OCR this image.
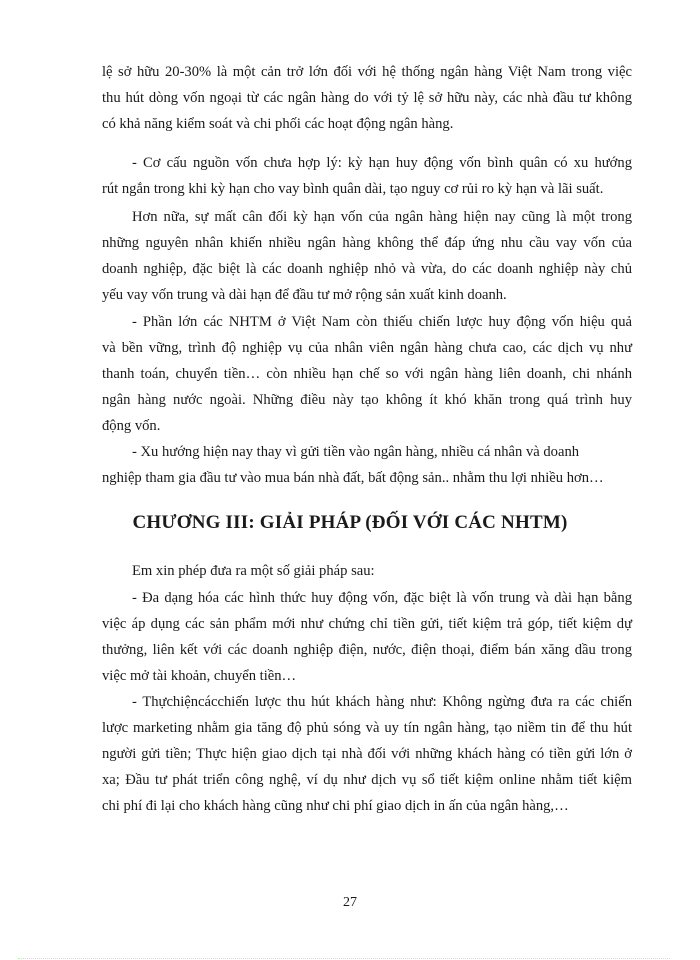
lệ sở hữu 20-30% là một cản trở lớn đối với hệ thống ngân hàng Việt Nam trong việc
thu hút dòng vốn ngoại từ các ngân hàng do với tỷ lệ sở hữu này, các nhà đầu tư không
có khả năng kiểm soát và chi phối các hoạt động ngân hàng.
- Cơ cấu nguồn vốn chưa hợp lý: kỳ hạn huy động vốn bình quân có xu hướng
rút ngắn trong khi kỳ hạn cho vay bình quân dài, tạo nguy cơ rủi ro kỳ hạn và lãi suất.
Hơn nữa, sự mất cân đối kỳ hạn vốn của ngân hàng hiện nay cũng là một trong
những nguyên nhân khiến nhiều ngân hàng không thể đáp ứng nhu cầu vay vốn của
doanh nghiệp, đặc biệt là các doanh nghiệp nhỏ và vừa, do các doanh nghiệp này chủ
yếu vay vốn trung và dài hạn để đầu tư mở rộng sản xuất kinh doanh.
- Phần lớn các NHTM ở Việt Nam còn thiếu chiến lược huy động vốn hiệu quả
và bền vững, trình độ nghiệp vụ của nhân viên ngân hàng chưa cao, các dịch vụ như
thanh toán, chuyển tiền… còn nhiều hạn chế so với ngân hàng liên doanh, chi nhánh
ngân hàng nước ngoài. Những điều này tạo không ít khó khăn trong quá trình huy
động vốn.
- Xu hướng hiện nay thay vì gửi tiền vào ngân hàng, nhiều cá nhân và doanh
nghiệp tham gia đầu tư vào mua bán nhà đất, bất động sản.. nhằm thu lợi nhiều hơn…
CHƯƠNG III: GIẢI PHÁP (ĐỐI VỚI CÁC NHTM)
Em xin phép đưa ra một số giải pháp sau:
- Đa dạng hóa các hình thức huy động vốn, đặc biệt là vốn trung và dài hạn bằng
việc áp dụng các sản phẩm mới như chứng chỉ tiền gửi, tiết kiệm trả góp, tiết kiệm dự
thưởng, liên kết với các doanh nghiệp điện, nước, điện thoại, điểm bán xăng dầu trong
việc mở tài khoản, chuyển tiền…
- Thựchiệncácchiến lược thu hút khách hàng như: Không ngừng đưa ra các chiến
lược marketing nhằm gia tăng độ phủ sóng và uy tín ngân hàng, tạo niềm tin để thu hút
người gửi tiền; Thực hiện giao dịch tại nhà đối với những khách hàng có tiền gửi lớn ở
xa; Đầu tư phát triển công nghệ, ví dụ như dịch vụ sổ tiết kiệm online nhằm tiết kiệm
chi phí đi lại cho khách hàng cũng như chi phí giao dịch in ấn của ngân hàng,…
27
